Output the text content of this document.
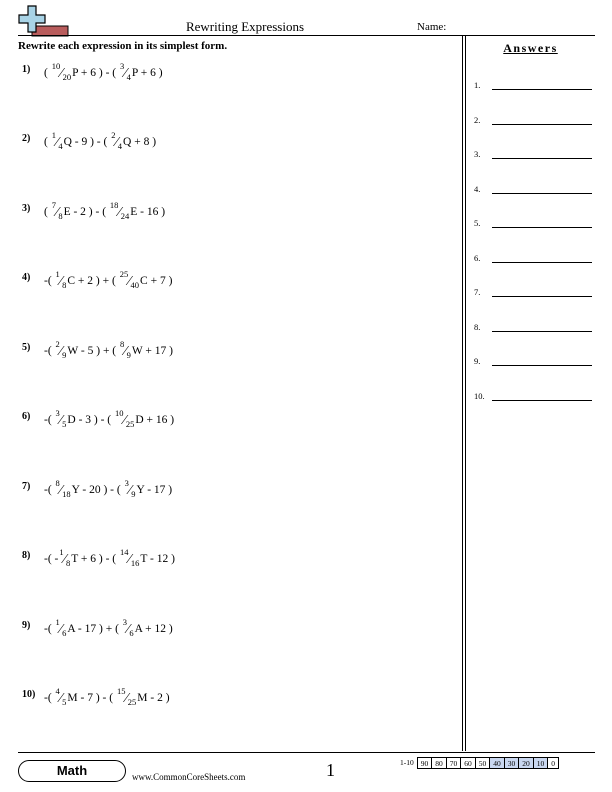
Rewriting Expressions	Name:
Rewrite each expression in its simplest form.
1) ( $^{10}⁄_{20}P + 6$ ) - ( $^3⁄_4P + 6$ )
2) ( $^1⁄_4Q - 9$ ) - ( $^2⁄_4Q + 8$ )
3) ( $^7⁄_8E - 2$ ) - ( $^{18}⁄_{24}E - 16$ )
4) -( $^1⁄_8C + 2$ ) + ( $^{25}⁄_{40}C + 7$ )
5) -( $^2⁄_9W - 5$ ) + ( $^8⁄_9W + 17$ )
6) -( $^3⁄_5D - 3$ ) - ( $^{10}⁄_{25}D + 16$ )
7) -( $^8⁄_{18}Y - 20$ ) - ( $^3⁄_9Y - 17$ )
8) -( $-^1⁄_8T + 6$ ) - ( $^{14}⁄_{16}T - 12$ )
9) -( $^1⁄_6A - 17$ ) + ( $^3⁄_6A + 12$ )
10) -( $^4⁄_5M - 7$ ) - ( $^{15}⁄_{25}M - 2$ )
Answers
1.
2.
3.
4.
5.
6.
7.
8.
9.
10.
Math	www.CommonCoreSheets.com	1	1-10 90 80 70 60 50 40 30 20 10 0
